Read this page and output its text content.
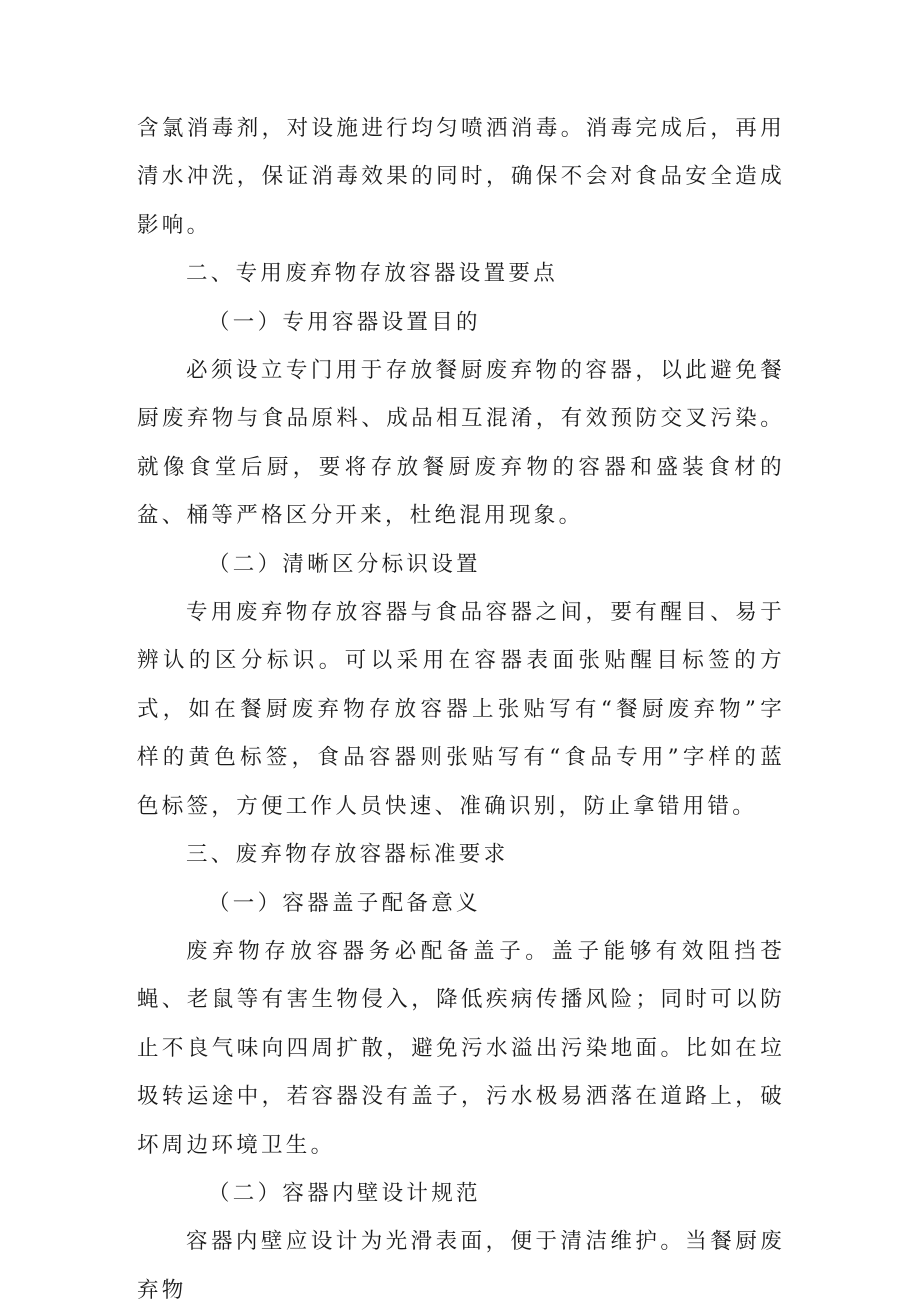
含氯消毒剂，对设施进行均匀喷洒消毒。消毒完成后，再用清水冲洗，保证消毒效果的同时，确保不会对食品安全造成影响。

二、专用废弃物存放容器设置要点

（一）专用容器设置目的

必须设立专门用于存放餐厨废弃物的容器，以此避免餐厨废弃物与食品原料、成品相互混淆，有效预防交叉污染。就像食堂后厨，要将存放餐厨废弃物的容器和盛装食材的盆、桶等严格区分开来，杜绝混用现象。

（二）清晰区分标识设置

专用废弃物存放容器与食品容器之间，要有醒目、易于辨认的区分标识。可以采用在容器表面张贴醒目标签的方式，如在餐厨废弃物存放容器上张贴写有“餐厨废弃物”字样的黄色标签，食品容器则张贴写有“食品专用”字样的蓝色标签，方便工作人员快速、准确识别，防止拿错用错。

三、废弃物存放容器标准要求

（一）容器盖子配备意义

废弃物存放容器务必配备盖子。盖子能够有效阻挡苍蝇、老鼠等有害生物侵入，降低疾病传播风险；同时可以防止不良气味向四周扩散，避免污水溢出污染地面。比如在垃圾转运途中，若容器没有盖子，污水极易洒落在道路上，破坏周边环境卫生。

（二）容器内壁设计规范

容器内壁应设计为光滑表面，便于清洁维护。当餐厨废弃物
